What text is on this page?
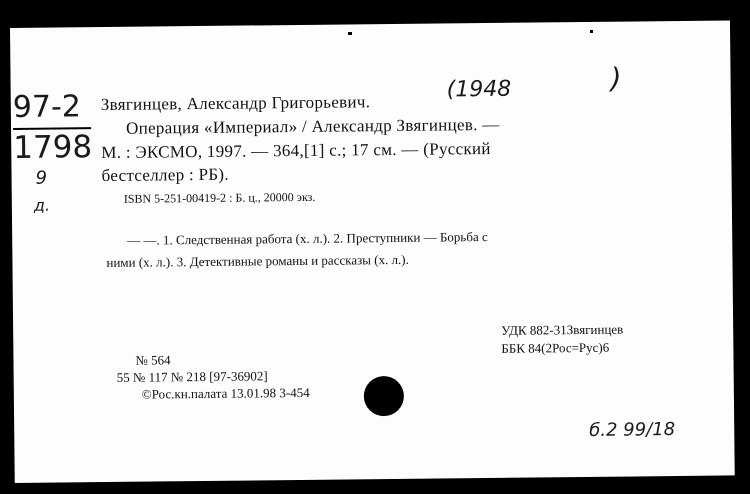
97-2
1798
9
д.
(1948	)
Звягинцев, Александр Григорьевич.
Операция «Империал» / Александр Звягинцев. —
М. : ЭКСМО, 1997. — 364,[1] с.; 17 см. — (Русский
бестселлер : РБ).
ISBN 5-251-00419-2 : Б. ц., 20000 экз.
— —. 1. Следственная работа (х. л.). 2. Преступники — Борьба с
ними (х. л.). 3. Детективные романы и рассказы (х. л.).
УДК 882-31Звягинцев
ББК 84(2Рос=Рус)6
№ 564
55 № 117 № 218 [97-36902]
©Рос.кн.палата 13.01.98 3-454
б.2 99/18
